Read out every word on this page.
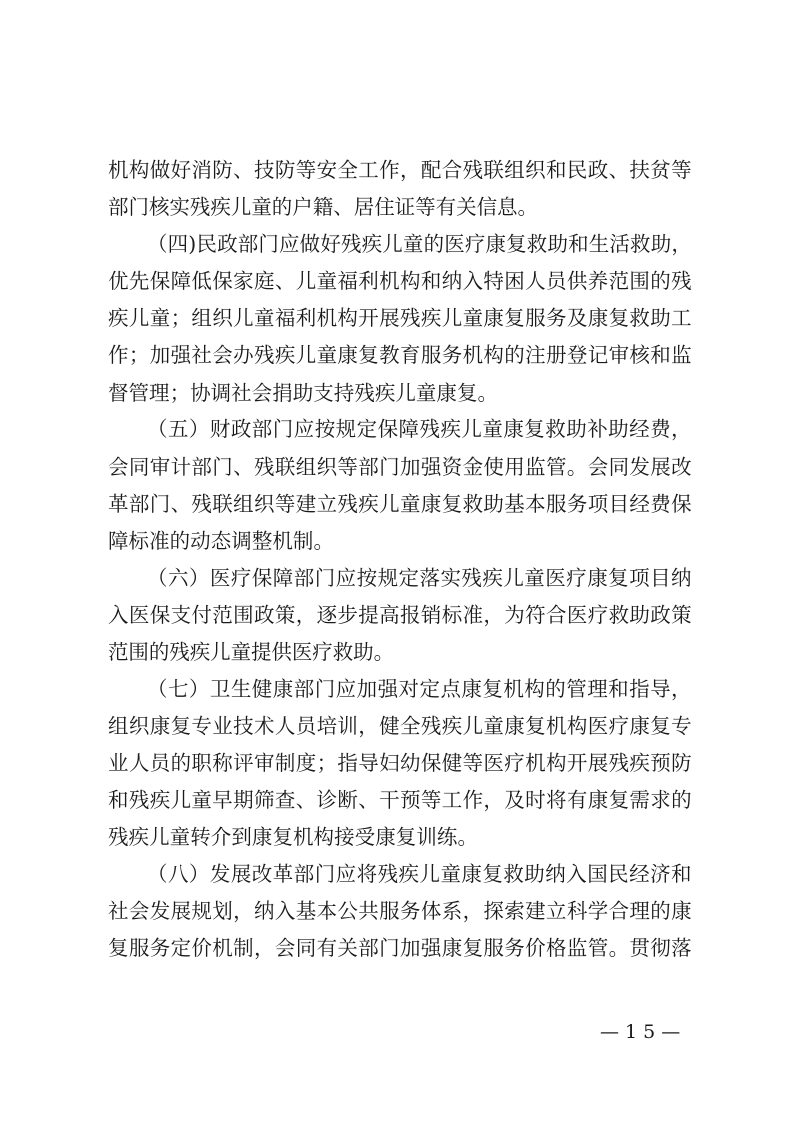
机构做好消防、技防等安全工作，配合残联组织和民政、扶贫等
部门核实残疾儿童的户籍、居住证等有关信息。
（四)民政部门应做好残疾儿童的医疗康复救助和生活救助，
优先保障低保家庭、儿童福利机构和纳入特困人员供养范围的残
疾儿童；组织儿童福利机构开展残疾儿童康复服务及康复救助工
作；加强社会办残疾儿童康复教育服务机构的注册登记审核和监
督管理；协调社会捐助支持残疾儿童康复。
（五）财政部门应按规定保障残疾儿童康复救助补助经费，
会同审计部门、残联组织等部门加强资金使用监管。会同发展改
革部门、残联组织等建立残疾儿童康复救助基本服务项目经费保
障标准的动态调整机制。
（六）医疗保障部门应按规定落实残疾儿童医疗康复项目纳
入医保支付范围政策，逐步提高报销标准，为符合医疗救助政策
范围的残疾儿童提供医疗救助。
（七）卫生健康部门应加强对定点康复机构的管理和指导，
组织康复专业技术人员培训，健全残疾儿童康复机构医疗康复专
业人员的职称评审制度；指导妇幼保健等医疗机构开展残疾预防
和残疾儿童早期筛查、诊断、干预等工作，及时将有康复需求的
残疾儿童转介到康复机构接受康复训练。
（八）发展改革部门应将残疾儿童康复救助纳入国民经济和
社会发展规划，纳入基本公共服务体系，探索建立科学合理的康
复服务定价机制，会同有关部门加强康复服务价格监管。贯彻落
— 1 5 —
